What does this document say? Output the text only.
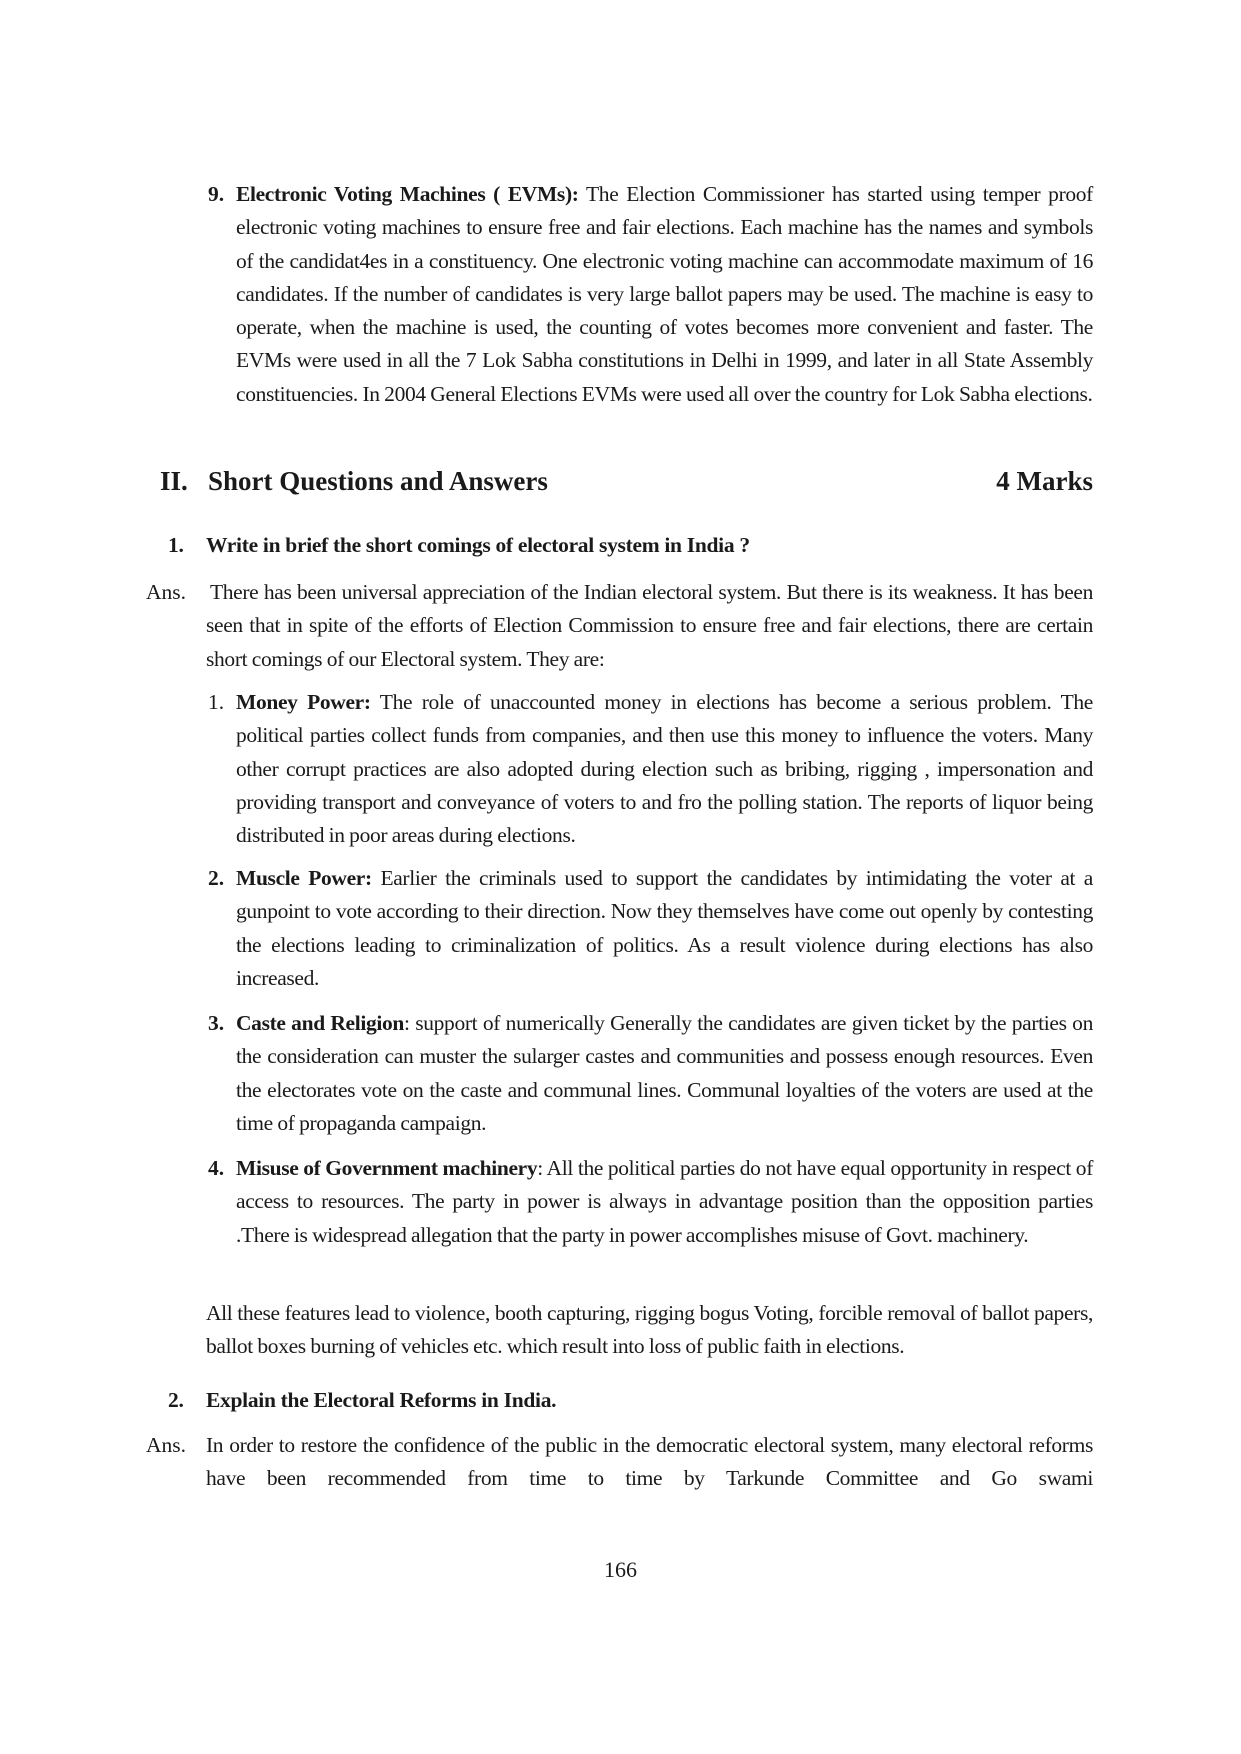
9. Electronic Voting Machines ( EVMs): The Election Commissioner has started using temper proof electronic voting machines to ensure free and fair elections. Each machine has the names and symbols of the candidat4es in a constituency. One electronic voting machine can accommodate maximum of 16 candidates. If the number of candidates is very large ballot papers may be used. The machine is easy to operate, when the machine is used, the counting of votes becomes more convenient and faster. The EVMs were used in all the 7 Lok Sabha constitutions in Delhi in 1999, and later in all State Assembly constituencies. In 2004 General Elections EVMs were used all over the country for Lok Sabha elections.
II. Short Questions and Answers	4 Marks
1. Write in brief the short comings of electoral system in India ?
Ans. There has been universal appreciation of the Indian electoral system. But there is its weakness. It has been seen that in spite of the efforts of Election Commission to ensure free and fair elections, there are certain short comings of our Electoral system. They are:
1. Money Power: The role of unaccounted money in elections has become a serious problem. The political parties collect funds from companies, and then use this money to influence the voters. Many other corrupt practices are also adopted during election such as bribing, rigging , impersonation and providing transport and conveyance of voters to and fro the polling station. The reports of liquor being distributed in poor areas during elections.
2. Muscle Power: Earlier the criminals used to support the candidates by intimidating the voter at a gunpoint to vote according to their direction. Now they themselves have come out openly by contesting the elections leading to criminalization of politics. As a result violence during elections has also increased.
3. Caste and Religion: support of numerically Generally the candidates are given ticket by the parties on the consideration can muster the sularger castes and communities and possess enough resources. Even the electorates vote on the caste and communal lines. Communal loyalties of the voters are used at the time of propaganda campaign.
4. Misuse of Government machinery: All the political parties do not have equal opportunity in respect of access to resources. The party in power is always in advantage position than the opposition parties .There is widespread allegation that the party in power accomplishes misuse of Govt. machinery.
All these features lead to violence, booth capturing, rigging bogus Voting, forcible removal of ballot papers, ballot boxes burning of vehicles etc. which result into loss of public faith in elections.
2. Explain the Electoral Reforms in India.
Ans. In order to restore the confidence of the public in the democratic electoral system, many electoral reforms have been recommended from time to time by Tarkunde Committee and Go swami
166
